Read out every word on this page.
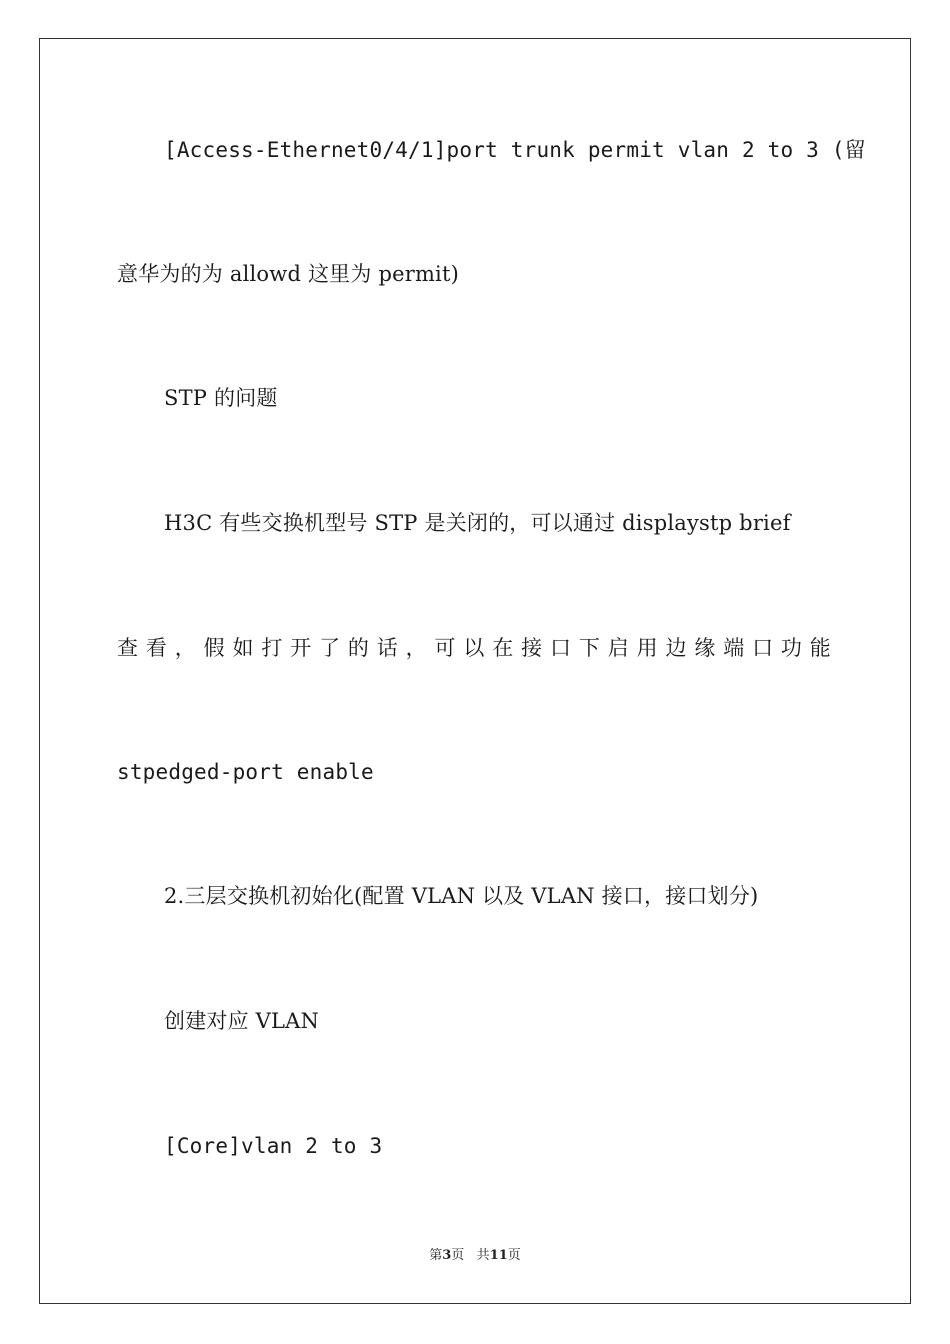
[Access-Ethernet0/4/1]port trunk permit vlan 2 to 3 (留
意华为的为 allowd 这里为 permit)
STP 的问题
H3C 有些交换机型号 STP 是关闭的，可以通过 displaystp brief
查看，假如打开了的话，可以在接口下启用边缘端口功能
stpedged-port enable
2.三层交换机初始化(配置 VLAN 以及 VLAN 接口，接口划分)
创建对应 VLAN
[Core]vlan 2 to 3
第3页 共11页
